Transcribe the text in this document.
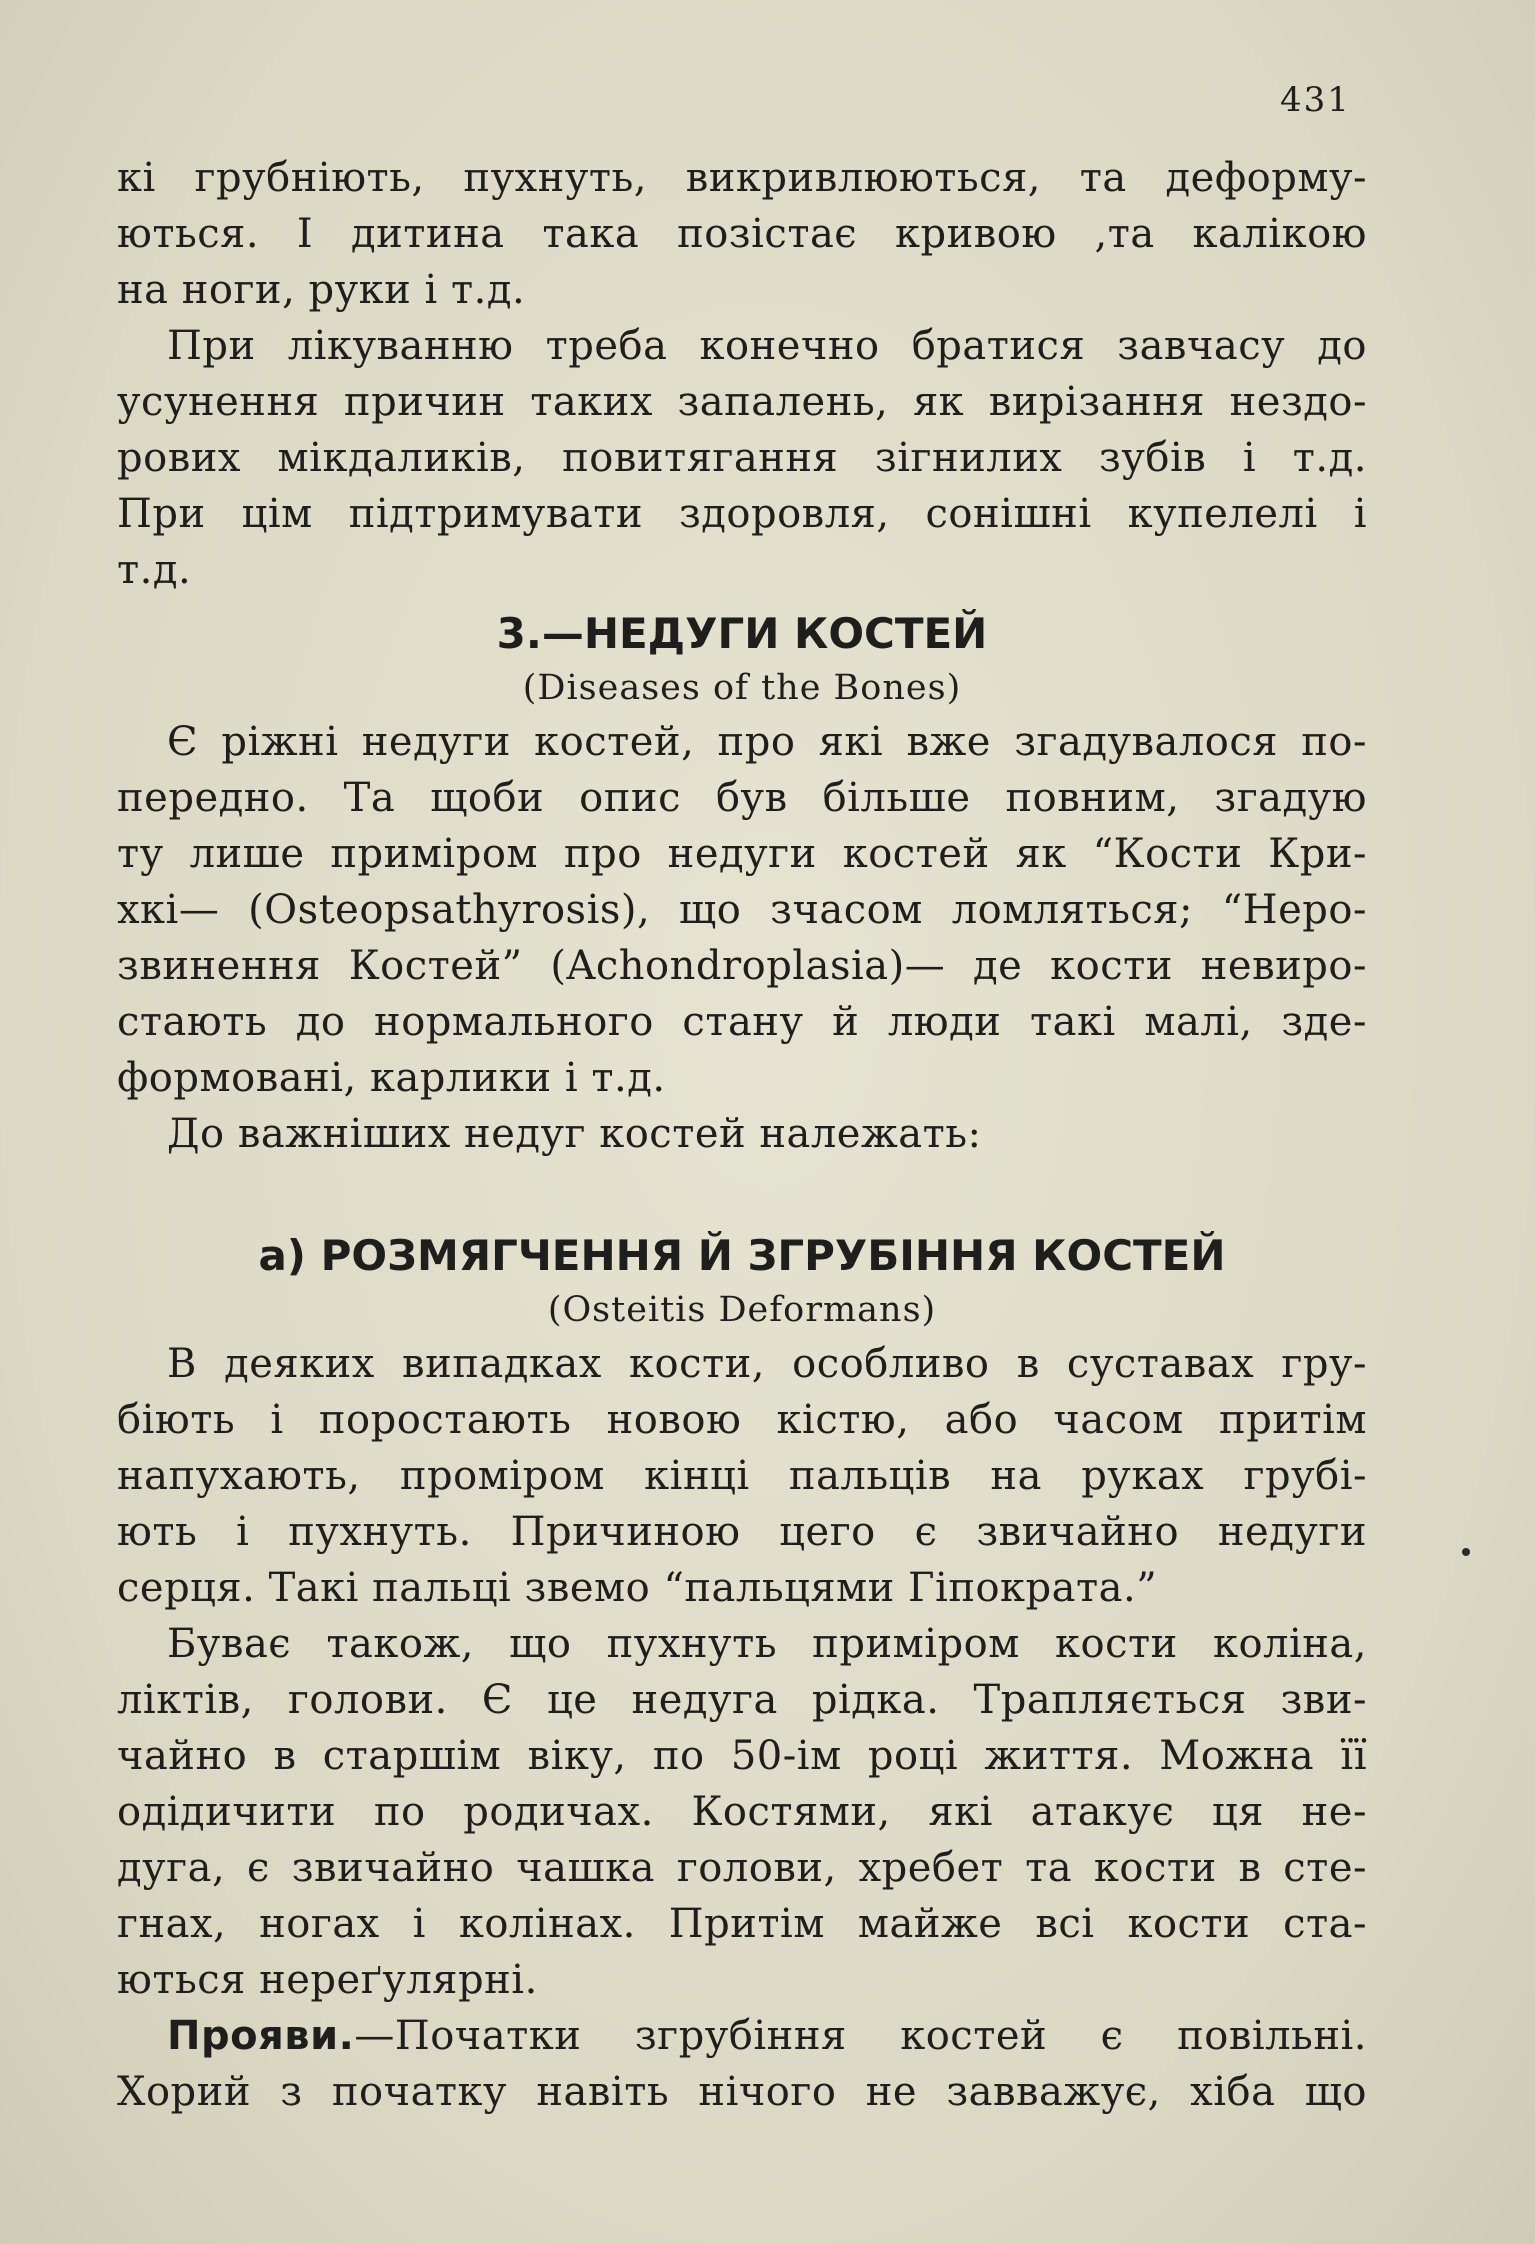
431
кі грубніють, пухнуть, викривлюються, та деформу-
ються. І дитина така позістає кривою ,та калікою
на ноги, руки і т.д.
При лікуванню треба конечно братися завчасу до
усунення причин таких запалень, як вирізання нездо-
рових мікдаликів, повитягання зігнилих зубів і т.д.
При цім підтримувати здоровля, сонішні купелелі і
т.д.
3.—НЕДУГИ КОСТЕЙ
(Diseases of the Bones)
Є ріжні недуги костей, про які вже згадувалося по-
передно. Та щоби опис був більше повним, згадую
ту лише приміром про недуги костей як “Кости Кри-
хкі— (Osteopsathyrosis), що зчасом ломляться; “Неро-
звинення Костей” (Achondroplasia)— де кости невиро-
стають до нормального стану й люди такі малі, зде-
формовані, карлики і т.д.
До важніших недуг костей належать:
а) РОЗМЯГЧЕННЯ Й ЗГРУБІННЯ КОСТЕЙ
(Osteitis Deformans)
В деяких випадках кости, особливо в суставах гру-
біють і поростають новою кістю, або часом притім
напухають, проміром кінці пальців на руках грубі-
ють і пухнуть. Причиною цего є звичайно недуги
серця. Такі пальці звемо “пальцями Гіпократа.”
Буває також, що пухнуть приміром кости коліна,
ліктів, голови. Є це недуга рідка. Трапляється зви-
чайно в старшім віку, по 50-ім році життя. Можна її
одідичити по родичах. Костями, які атакує ця не-
дуга, є звичайно чашка голови, хребет та кости в сте-
гнах, ногах і колінах. Притім майже всі кости ста-
ються нереґулярні.
Прояви.—Початки згрубіння костей є повільні.
Хорий з початку навіть нічого не завважує, хіба що
